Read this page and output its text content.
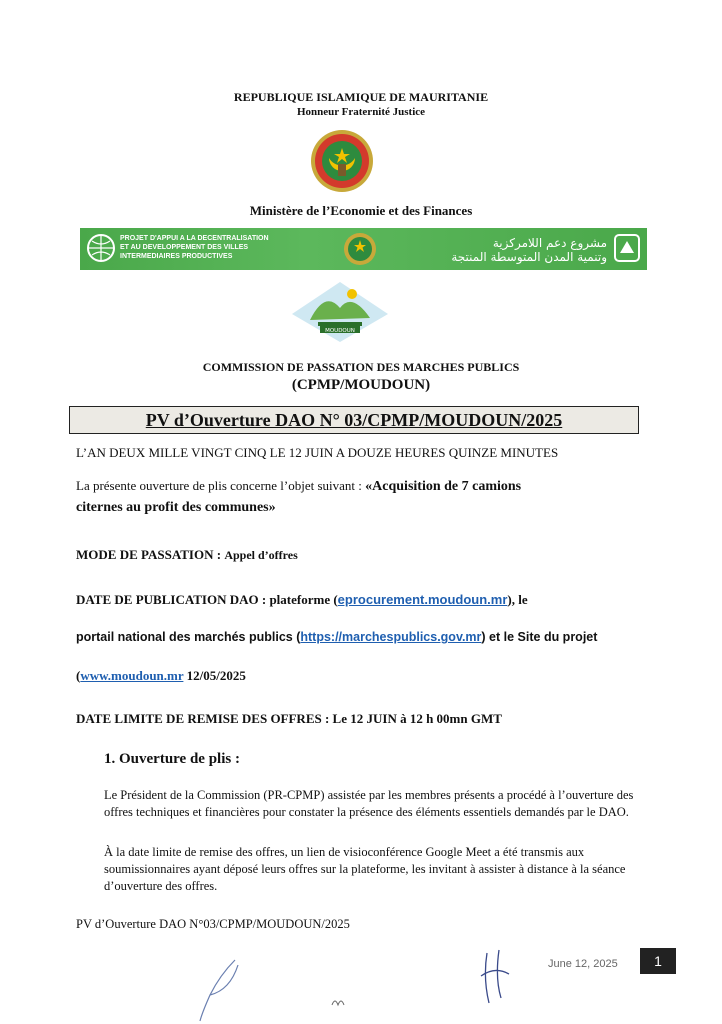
REPUBLIQUE ISLAMIQUE DE MAURITANIE
Honneur Fraternité Justice
Ministère de l’Economie et des Finances
PROJET D'APPUI A LA DECENTRALISATION
ET AU DEVELOPPEMENT DES VILLES
INTERMEDIAIRES PRODUCTIVES
مشروع دعم اللامركزية
وتنمية المدن المتوسطة المنتجة
MOUDOUN
COMMISSION DE PASSATION DES MARCHES PUBLICS
(CPMP/MOUDOUN)
PV d’Ouverture DAO N° 03/CPMP/MOUDOUN/2025
L’AN DEUX MILLE VINGT CINQ LE 12 JUIN A DOUZE HEURES QUINZE MINUTES
La présente ouverture de plis concerne l’objet suivant : «Acquisition de 7 camions
citernes au profit des communes»
MODE DE PASSATION : Appel d’offres
DATE DE PUBLICATION DAO : plateforme (eprocurement.moudoun.mr), le
portail national des marchés publics (https://marchespublics.gov.mr) et le Site du projet
(www.moudoun.mr 12/05/2025
DATE LIMITE DE REMISE DES OFFRES : Le 12 JUIN à 12 h 00mn GMT
1. Ouverture de plis :
Le Président de la Commission (PR-CPMP) assistée par les membres présents a procédé à l’ouverture des offres techniques et financières pour constater la présence des éléments essentiels demandés par le DAO.
À la date limite de remise des offres, un lien de visioconférence Google Meet a été transmis aux soumissionnaires ayant déposé leurs offres sur la plateforme, les invitant à assister à distance à la séance d’ouverture des offres.
PV d’Ouverture DAO N°03/CPMP/MOUDOUN/2025
June 12, 2025	1
